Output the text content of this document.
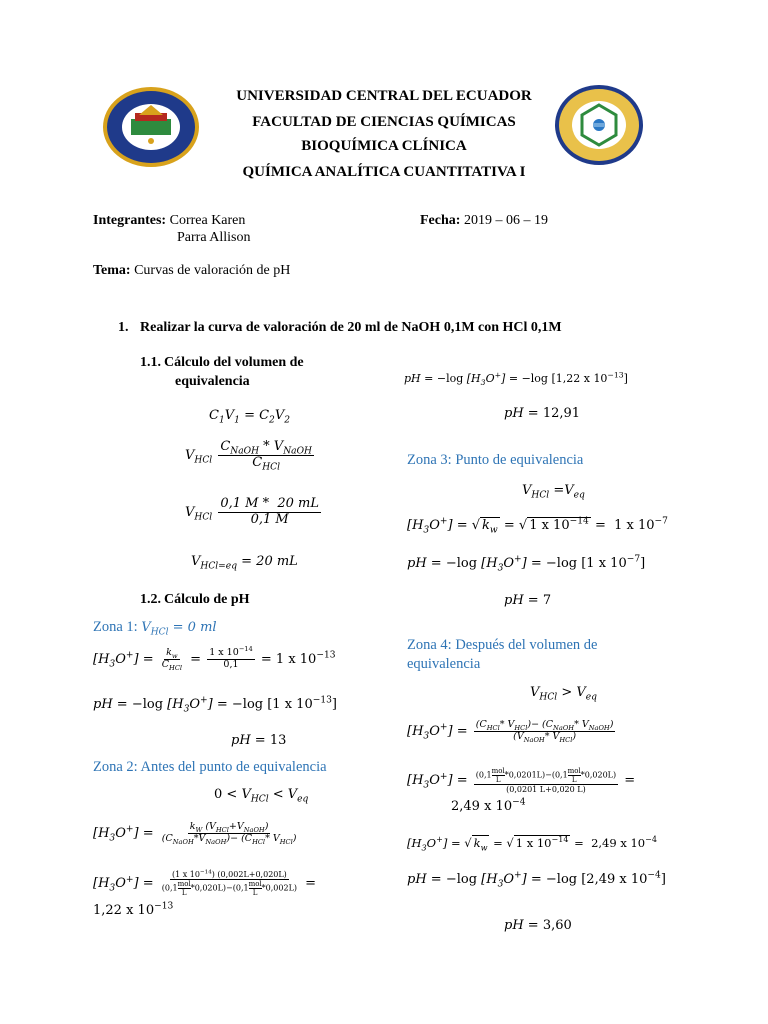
UNIVERSIDAD CENTRAL DEL ECUADOR
FACULTAD DE CIENCIAS QUÍMICAS
BIOQUÍMICA CLÍNICA
QUÍMICA ANALÍTICA CUANTITATIVA I
Integrantes: Correa Karen
Parra Allison
Fecha: 2019 – 06 – 19
Tema: Curvas de valoración de pH
1. Realizar la curva de valoración de 20 ml de NaOH 0,1M con HCl 0,1M
1.1. Cálculo del volumen de
equivalencia
$C_1V_1 = C_2V_2$
$V_{HCl} \frac{C_{NaOH} * V_{NaOH}}{C_{HCl}}$
$V_{HCl} \frac{0,1 M * 20 mL}{0,1 M}$
$V_{HCl=eq} = 20$ mL
1.2. Cálculo de pH
Zona 1: $V_{HCl} = 0$ ml
$[H_3O^+] = \frac{k_w}{C_{HCl}} = \frac{1 x 10^{-14}}{0,1} = 1$ x $10^{-13}$
pH = −log $[H_3O^+] = -\log$ [1 x $10^{-13}$]
pH = 13
Zona 2: Antes del punto de equivalencia
$0 < V_{HCl} < V_{eq}$
$[H_3O^+] = \frac{k_W (V_{HCl}+V_{NaOH})}{(C_{NaOH}*V_{NaOH})- (C_{HCl}* V_{HCl})}$
$[H_3O^+] = (1$ x $10^{-14}$) (0,002L+0,020L)
(0,1 mol
L
*0,020L)−(0,1 mol
L
*0,002L) =
1,22 x $10^{-13}$
pH = −log $[H_3O^+] = -\log$ [1,22 x $10^{-13}$]
pH = 12,91
Zona 3: Punto de equivalencia
$V_{HCl} =V_{eq}$
$[H_3O^+]$ = √ $k_w$ = √ 1 x $10^{-14} = 1$ x $10^{-7}$
pH = −log $[H_3O^+] = -\log$ [1 x $10^{-7}$]
pH = 7
Zona 4: Después del volumen de
equivalencia
$V_{HCl} > V_{eq}$
$[H_3O^+] = \frac{(C_{HCl}* V_{HCl})- (C_{NaOH}* V_{NaOH})}{(V_{NaOH}* V_{HCl})}$
$[H_3O^+] = (0,1$ mol
L
*0,0201L)−(0,1 mol
L
*0,020L)
(0,0201 L+0,020 L) =
2,49 x $10^{-4}$
$[H_3O^+]$ = √ $k_w$ = √ 1 x $10^{-14} = 2,49$ x $10^{-4}$
pH = −log $[H_3O^+] = -\log$ [2,49 x $10^{-4}$]
pH = 3,60
